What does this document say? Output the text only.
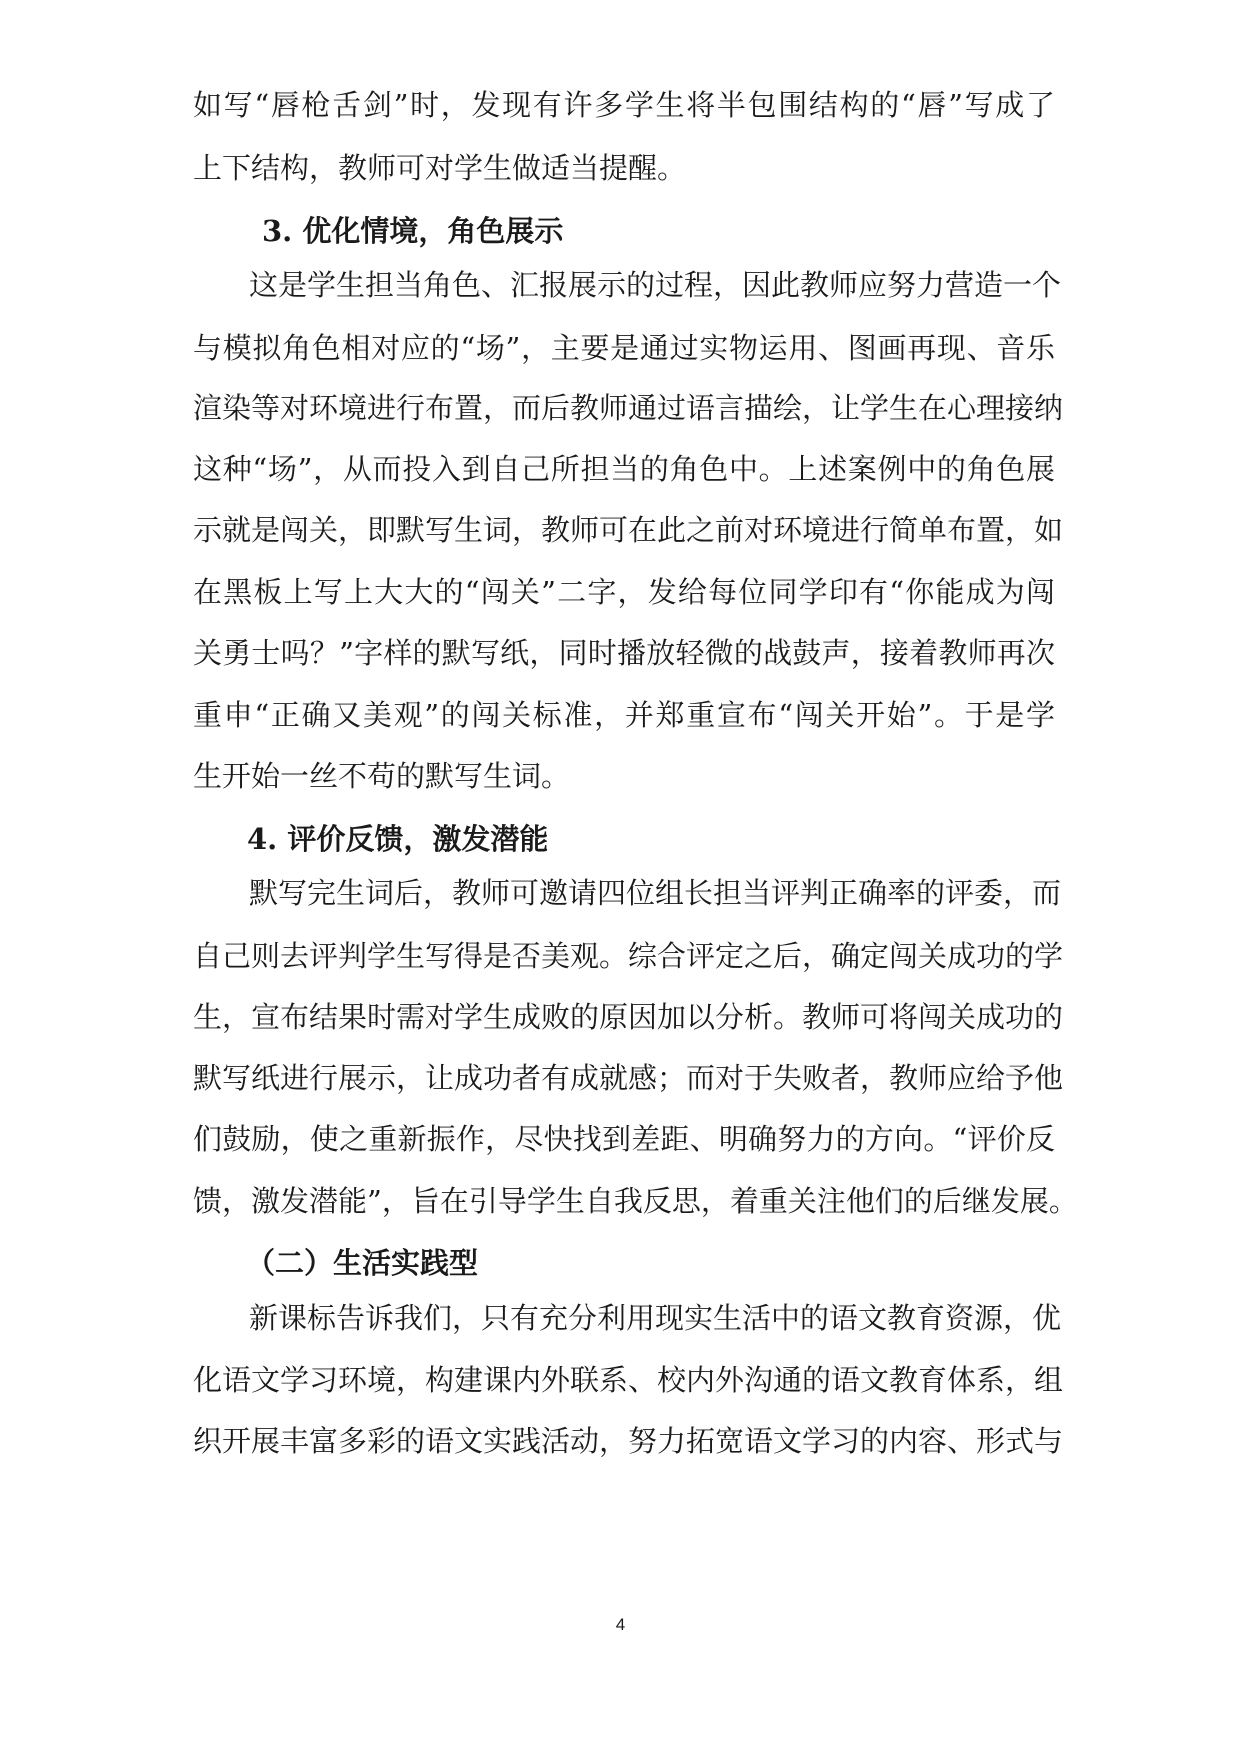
如写“唇枪舌剑”时，发现有许多学生将半包围结构的“唇”写成了
上下结构，教师可对学生做适当提醒。
3. 优化情境，角色展示
这是学生担当角色、汇报展示的过程，因此教师应努力营造一个
与模拟角色相对应的“场”，主要是通过实物运用、图画再现、音乐
渲染等对环境进行布置，而后教师通过语言描绘，让学生在心理接纳
这种“场”，从而投入到自己所担当的角色中。上述案例中的角色展
示就是闯关，即默写生词，教师可在此之前对环境进行简单布置，如
在黑板上写上大大的“闯关”二字，发给每位同学印有“你能成为闯
关勇士吗？”字样的默写纸，同时播放轻微的战鼓声，接着教师再次
重申“正确又美观”的闯关标准，并郑重宣布“闯关开始”。于是学
生开始一丝不苟的默写生词。
4. 评价反馈，激发潜能
默写完生词后，教师可邀请四位组长担当评判正确率的评委，而
自己则去评判学生写得是否美观。综合评定之后，确定闯关成功的学
生，宣布结果时需对学生成败的原因加以分析。教师可将闯关成功的
默写纸进行展示，让成功者有成就感；而对于失败者，教师应给予他
们鼓励，使之重新振作，尽快找到差距、明确努力的方向。“评价反
馈，激发潜能”，旨在引导学生自我反思，着重关注他们的后继发展。
（二）生活实践型
新课标告诉我们，只有充分利用现实生活中的语文教育资源，优
化语文学习环境，构建课内外联系、校内外沟通的语文教育体系，组
织开展丰富多彩的语文实践活动，努力拓宽语文学习的内容、形式与
4
